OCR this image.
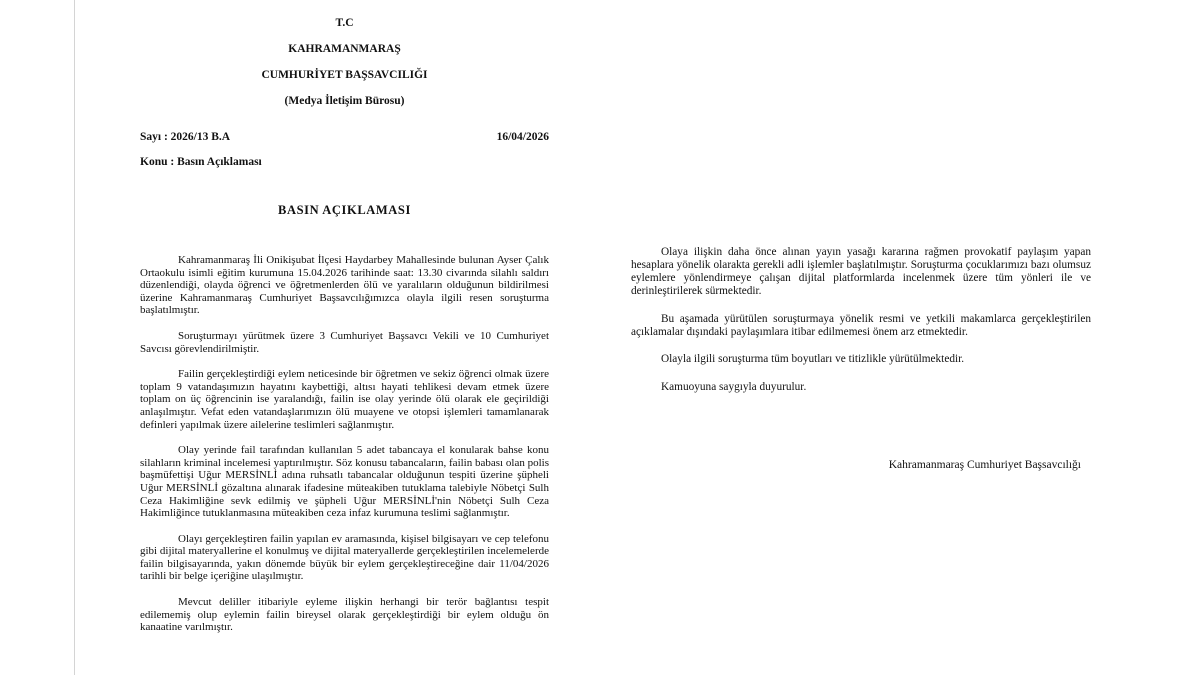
T.C
KAHRAMANMARAŞ
CUMHURİYET BAŞSAVCILIĞI
(Medya İletişim Bürosu)
Sayı : 2026/13 B.A	16/04/2026
Konu : Basın Açıklaması
BASIN AÇIKLAMASI

Kahramanmaraş İli Onikişubat İlçesi Haydarbey Mahallesinde bulunan Ayser Çalık Ortaokulu isimli eğitim kurumuna 15.04.2026 tarihinde saat: 13.30 civarında silahlı saldırı düzenlendiği, olayda öğrenci ve öğretmenlerden ölü ve yaralıların olduğunun bildirilmesi üzerine Kahramanmaraş Cumhuriyet Başsavcılığımızca olayla ilgili resen soruşturma başlatılmıştır.

Soruşturmayı yürütmek üzere 3 Cumhuriyet Başsavcı Vekili ve 10 Cumhuriyet Savcısı görevlendirilmiştir.

Failin gerçekleştirdiği eylem neticesinde bir öğretmen ve sekiz öğrenci olmak üzere toplam 9 vatandaşımızın hayatını kaybettiği, altısı hayati tehlikesi devam etmek üzere toplam on üç öğrencinin ise yaralandığı, failin ise olay yerinde ölü olarak ele geçirildiği anlaşılmıştır. Vefat eden vatandaşlarımızın ölü muayene ve otopsi işlemleri tamamlanarak definleri yapılmak üzere ailelerine teslimleri sağlanmıştır.

Olay yerinde fail tarafından kullanılan 5 adet tabancaya el konularak bahse konu silahların kriminal incelemesi yaptırılmıştır. Söz konusu tabancaların, failin babası olan polis başmüfettişi Uğur MERSİNLİ adına ruhsatlı tabancalar olduğunun tespiti üzerine şüpheli Uğur MERSİNLİ gözaltına alınarak ifadesine müteakiben tutuklama talebiyle Nöbetçi Sulh Ceza Hakimliğine sevk edilmiş ve şüpheli Uğur MERSİNLİ'nin Nöbetçi Sulh Ceza Hakimliğince tutuklanmasına müteakiben ceza infaz kurumuna teslimi sağlanmıştır.

Olayı gerçekleştiren failin yapılan ev aramasında, kişisel bilgisayarı ve cep telefonu gibi dijital materyallerine el konulmuş ve dijital materyallerde gerçekleştirilen incelemelerde failin bilgisayarında, yakın dönemde büyük bir eylem gerçekleştireceğine dair 11/04/2026 tarihli bir belge içeriğine ulaşılmıştır.

Mevcut deliller itibariyle eyleme ilişkin herhangi bir terör bağlantısı tespit edilememiş olup eylemin failin bireysel olarak gerçekleştirdiği bir eylem olduğu ön kanaatine varılmıştır.

Olaya ilişkin daha önce alınan yayın yasağı kararına rağmen provokatif paylaşım yapan hesaplara yönelik olarakta gerekli adli işlemler başlatılmıştır. Soruşturma çocuklarımızı bazı olumsuz eylemlere yönlendirmeye çalışan dijital platformlarda incelenmek üzere tüm yönleri ile ve derinleştirilerek sürmektedir.

Bu aşamada yürütülen soruşturmaya yönelik resmi ve yetkili makamlarca gerçekleştirilen açıklamalar dışındaki paylaşımlara itibar edilmemesi önem arz etmektedir.

Olayla ilgili soruşturma tüm boyutları ve titizlikle yürütülmektedir.

Kamuoyuna saygıyla duyurulur.

Kahramanmaraş Cumhuriyet Başsavcılığı
